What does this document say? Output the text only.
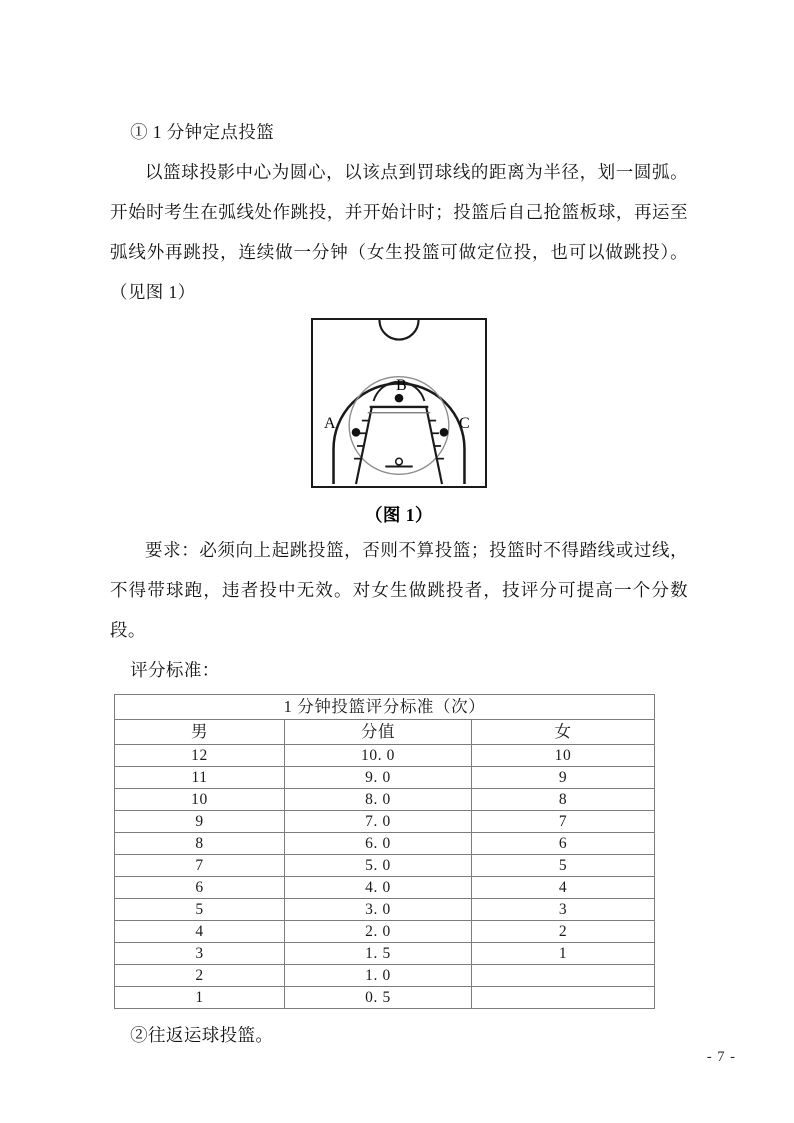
① 1 分钟定点投篮

以篮球投影中心为圆心，以该点到罚球线的距离为半径，划一圆弧。开始时考生在弧线处作跳投，并开始计时；投篮后自己抢篮板球，再运至弧线外再跳投，连续做一分钟（女生投篮可做定位投，也可以做跳投）。（见图 1）

A
B
C
（图 1）

要求：必须向上起跳投篮，否则不算投篮；投篮时不得踏线或过线，不得带球跑，违者投中无效。对女生做跳投者，技评分可提高一个分数段。

评分标准：

1 分钟投篮评分标准（次）		
男	分值	女
12	10. 0	10
11	9. 0	9
10	8. 0	8
9	7. 0	7
8	6. 0	6
7	5. 0	5
6	4. 0	4
5	3. 0	3
4	2. 0	2
3	1. 5	1
2	1. 0	
1	0. 5	

②往返运球投篮。

- 7 -
